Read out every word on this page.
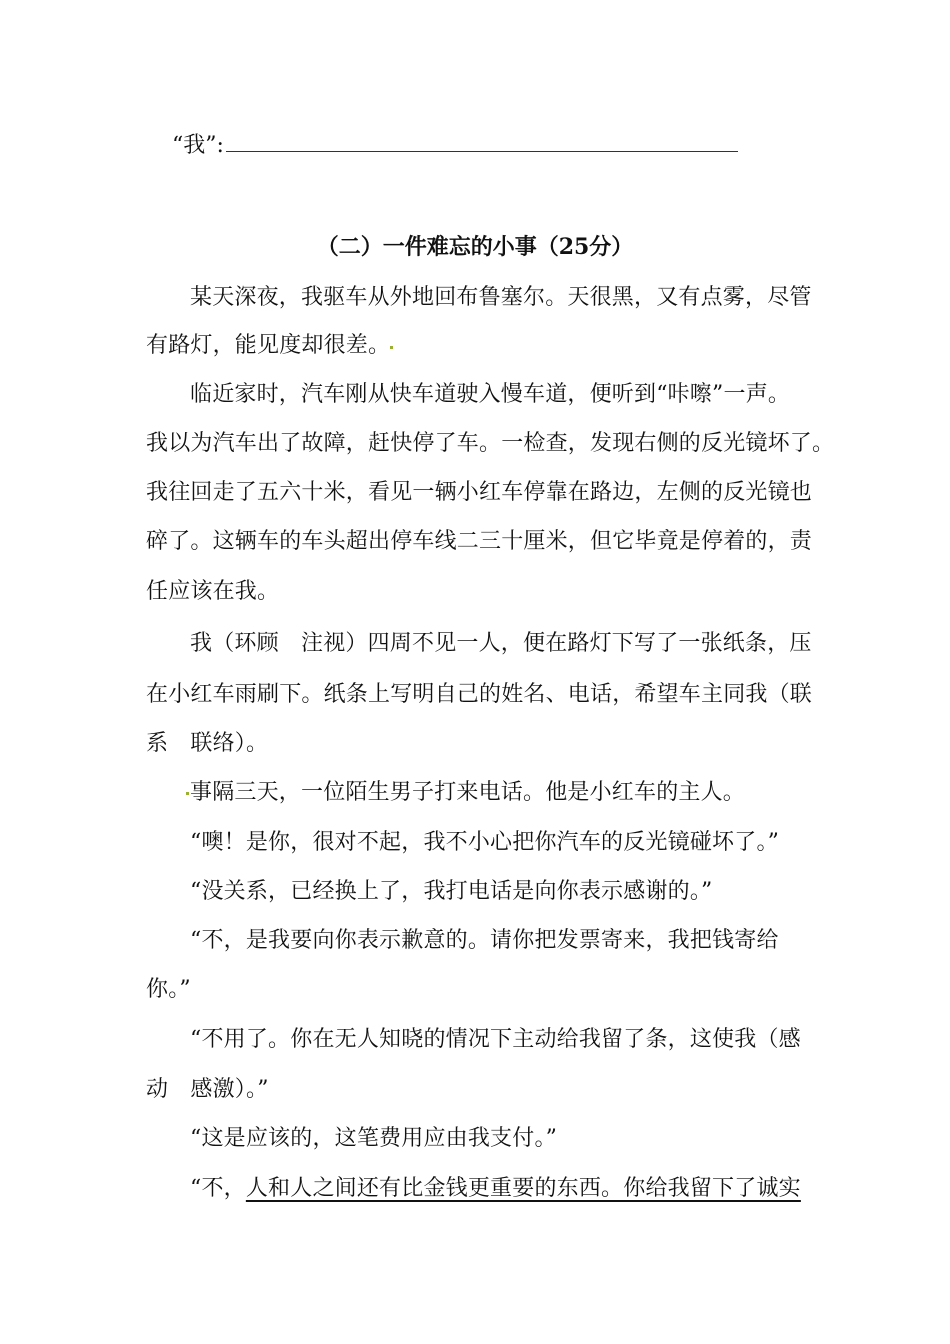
“我”:
（二）一件难忘的小事（25分）
某天深夜，我驱车从外地回布鲁塞尔。天很黑，又有点雾，尽管
有路灯，能见度却很差。
临近家时，汽车刚从快车道驶入慢车道，便听到“咔嚓”一声。
我以为汽车出了故障，赶快停了车。一检查，发现右侧的反光镜坏了。
我往回走了五六十米，看见一辆小红车停靠在路边，左侧的反光镜也
碎了。这辆车的车头超出停车线二三十厘米，但它毕竟是停着的，责
任应该在我。
我（环顾　注视）四周不见一人，便在路灯下写了一张纸条，压
在小红车雨刷下。纸条上写明自己的姓名、电话，希望车主同我（联
系　联络）。
事隔三天，一位陌生男子打来电话。他是小红车的主人。
“噢！是你，很对不起，我不小心把你汽车的反光镜碰坏了。”
“没关系，已经换上了，我打电话是向你表示感谢的。”
“不，是我要向你表示歉意的。请你把发票寄来，我把钱寄给
你。”
“不用了。你在无人知晓的情况下主动给我留了条，这使我（感
动　感激）。”
“这是应该的，这笔费用应由我支付。”
“不，人和人之间还有比金钱更重要的东西。你给我留下了诚实
